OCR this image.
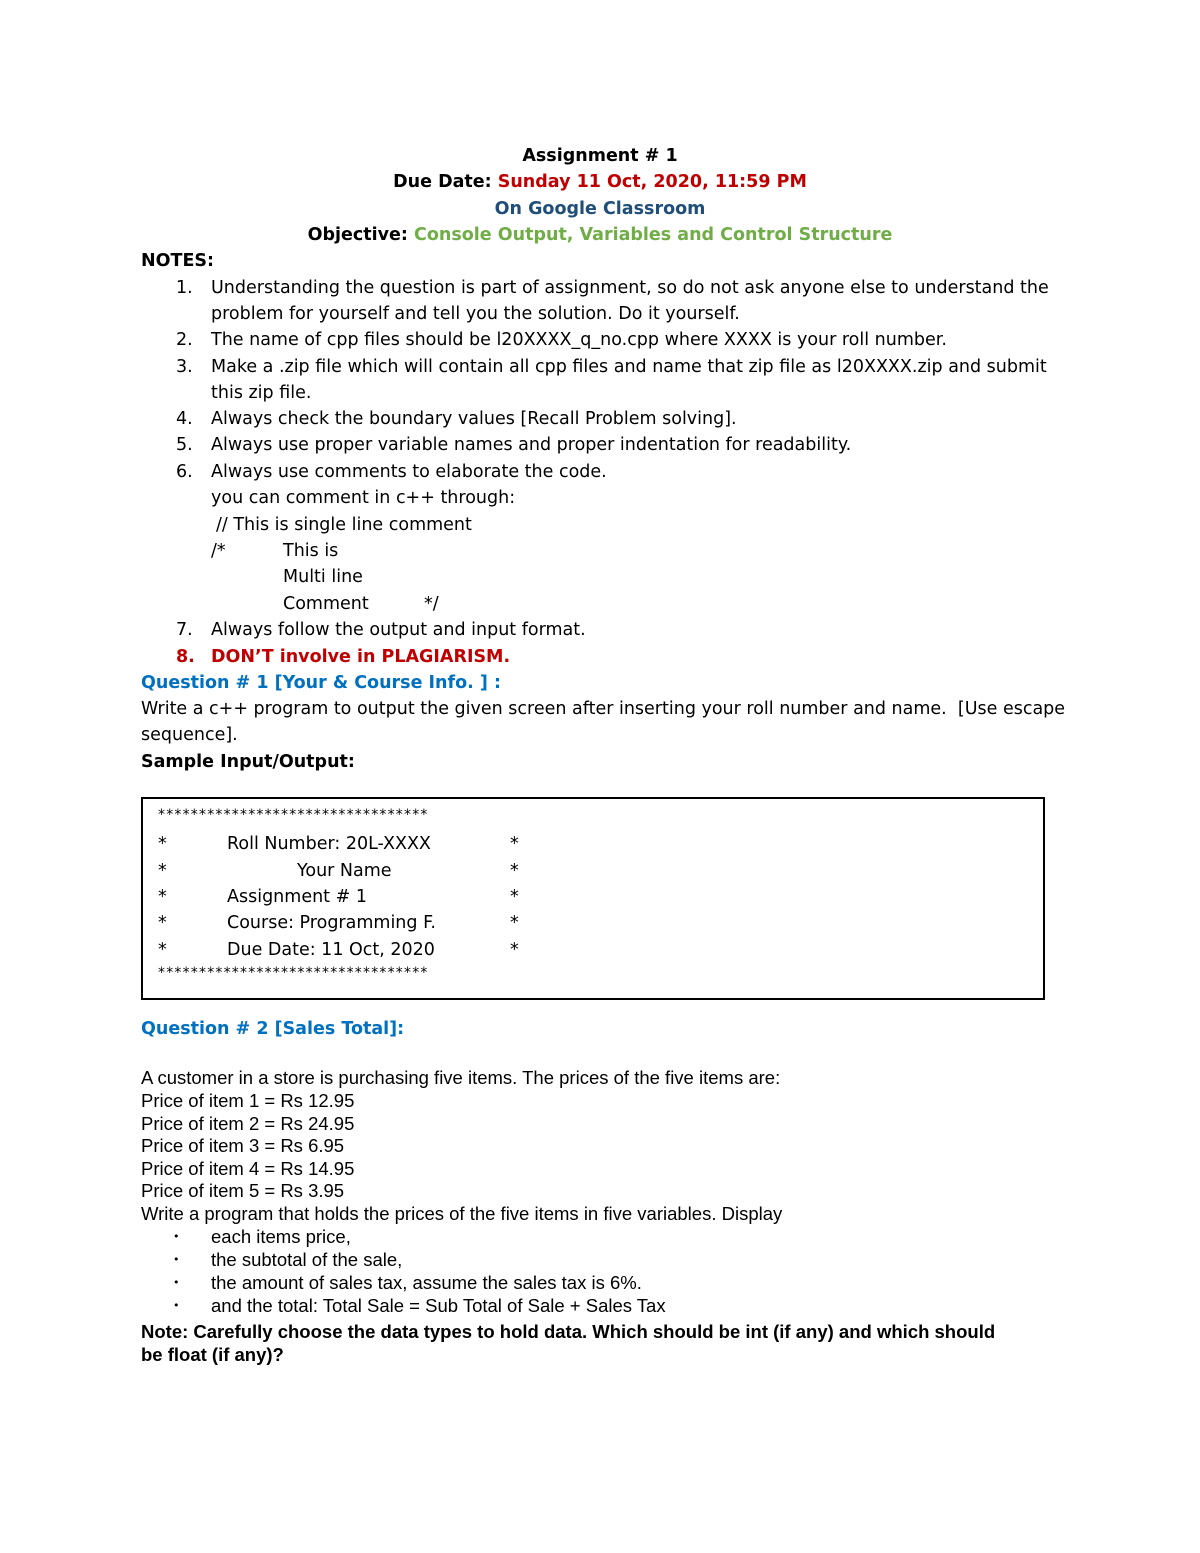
Assignment # 1
Due Date: Sunday 11 Oct, 2020, 11:59 PM
On Google Classroom
Objective: Console Output, Variables and Control Structure
NOTES:
1. Understanding the question is part of assignment, so do not ask anyone else to understand the
problem for yourself and tell you the solution. Do it yourself.
2. The name of cpp files should be l20XXXX_q_no.cpp where XXXX is your roll number.
3. Make a .zip file which will contain all cpp files and name that zip file as l20XXXX.zip and submit
this zip file.
4. Always check the boundary values [Recall Problem solving].
5. Always use proper variable names and proper indentation for readability.
6. Always use comments to elaborate the code.
you can comment in c++ through:
// This is single line comment
/*	This is
Multi line
Comment	*/
7. Always follow the output and input format.
8. DON’T involve in PLAGIARISM.
Question # 1 [Your & Course Info. ] :
Write a c++ program to output the given screen after inserting your roll number and name.  [Use escape
sequence].
Sample Input/Output:
*********************************
*	Roll Number: 20L-XXXX	*
*	Your Name	*
*	Assignment # 1	*
*	Course: Programming F.	*
*	Due Date: 11 Oct, 2020	*
*********************************
Question # 2 [Sales Total]:
A customer in a store is purchasing five items. The prices of the five items are:
Price of item 1 = Rs 12.95
Price of item 2 = Rs 24.95
Price of item 3 = Rs 6.95
Price of item 4 = Rs 14.95
Price of item 5 = Rs 3.95
Write a program that holds the prices of the five items in five variables. Display
• each items price,
• the subtotal of the sale,
• the amount of sales tax, assume the sales tax is 6%.
• and the total: Total Sale = Sub Total of Sale + Sales Tax
Note: Carefully choose the data types to hold data. Which should be int (if any) and which should
be float (if any)?
